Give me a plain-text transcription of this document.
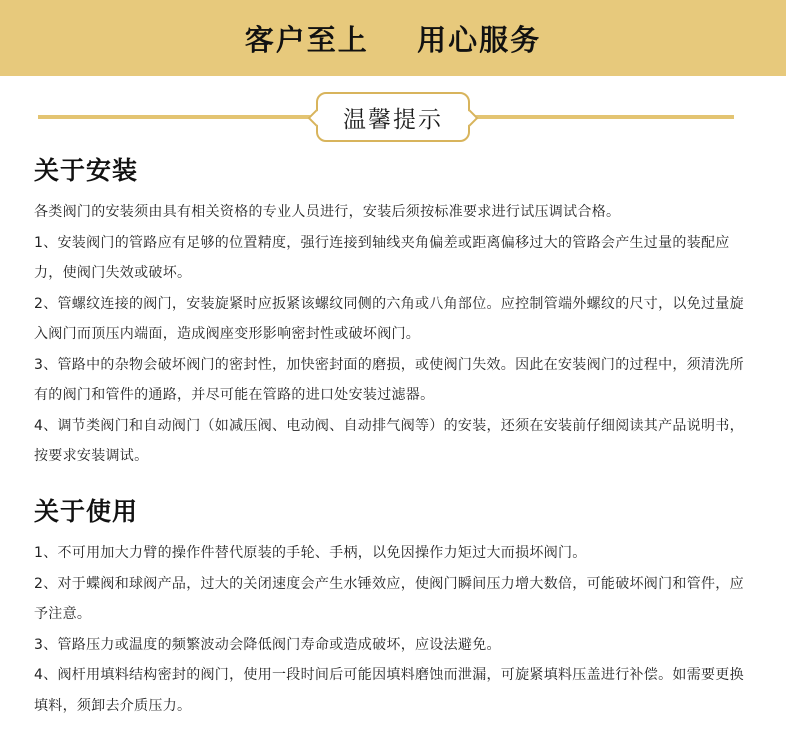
客户至上    用心服务
温馨提示
关于安装

各类阀门的安装须由具有相关资格的专业人员进行，安装后须按标准要求进行试压调试合格。

1、安装阀门的管路应有足够的位置精度，强行连接到轴线夹角偏差或距离偏移过大的管路会产生过量的装配应力，使阀门失效或破坏。

2、管螺纹连接的阀门，安装旋紧时应扳紧该螺纹同侧的六角或八角部位。应控制管端外螺纹的尺寸，以免过量旋入阀门而顶压内端面，造成阀座变形影响密封性或破坏阀门。

3、管路中的杂物会破坏阀门的密封性，加快密封面的磨损，或使阀门失效。因此在安装阀门的过程中，须清洗所有的阀门和管件的通路，并尽可能在管路的进口处安装过滤器。

4、调节类阀门和自动阀门（如减压阀、电动阀、自动排气阀等）的安装，还须在安装前仔细阅读其产品说明书，按要求安装调试。

关于使用

1、不可用加大力臂的操作件替代原装的手轮、手柄，以免因操作力矩过大而损坏阀门。

2、对于蝶阀和球阀产品，过大的关闭速度会产生水锤效应，使阀门瞬间压力增大数倍，可能破坏阀门和管件，应予注意。

3、管路压力或温度的频繁波动会降低阀门寿命或造成破坏，应设法避免。

4、阀杆用填料结构密封的阀门，使用一段时间后可能因填料磨蚀而泄漏，可旋紧填料压盖进行补偿。如需要更换填料，须卸去介质压力。
